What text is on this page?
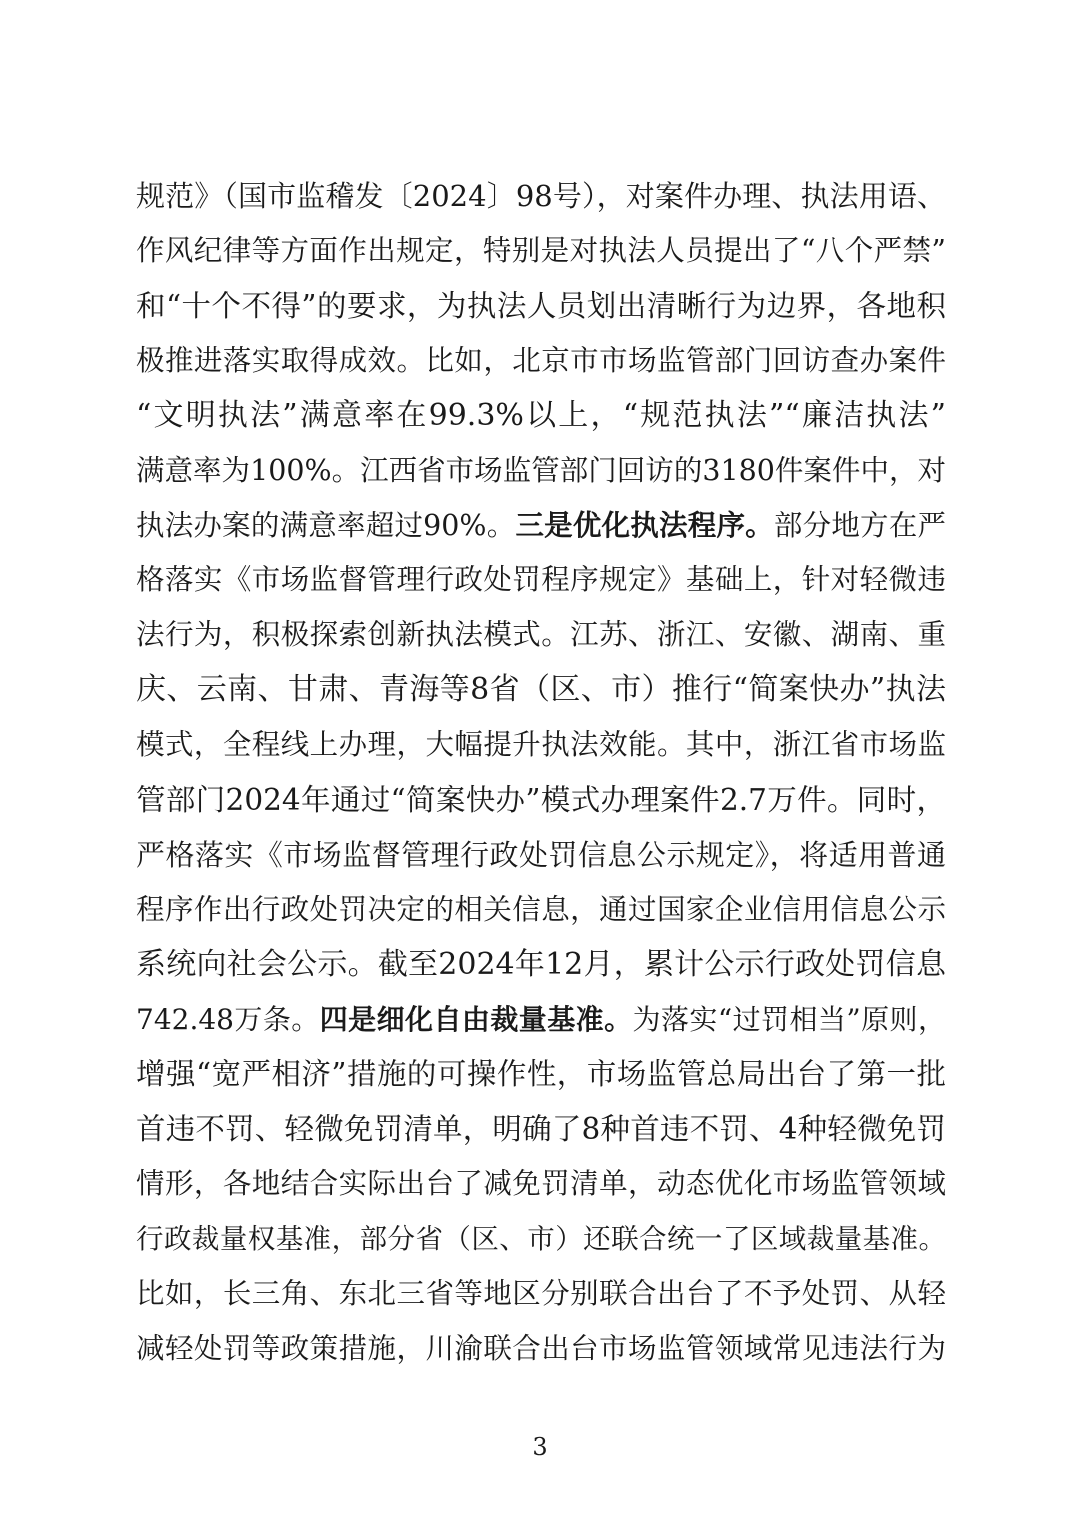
规范》（国市监稽发〔2024〕98号），对案件办理、执法用语、
作风纪律等方面作出规定，特别是对执法人员提出了“八个严禁”
和“十个不得”的要求，为执法人员划出清晰行为边界，各地积
极推进落实取得成效。比如，北京市市场监管部门回访查办案件
“文明执法”满意率在99.3%以上，“规范执法”“廉洁执法”
满意率为100%。江西省市场监管部门回访的3180件案件中，对
执法办案的满意率超过90%。三是优化执法程序。部分地方在严
格落实《市场监督管理行政处罚程序规定》基础上，针对轻微违
法行为，积极探索创新执法模式。江苏、浙江、安徽、湖南、重
庆、云南、甘肃、青海等8省（区、市）推行“简案快办”执法
模式，全程线上办理，大幅提升执法效能。其中，浙江省市场监
管部门2024年通过“简案快办”模式办理案件2.7万件。同时，
严格落实《市场监督管理行政处罚信息公示规定》，将适用普通
程序作出行政处罚决定的相关信息，通过国家企业信用信息公示
系统向社会公示。截至2024年12月，累计公示行政处罚信息
742.48万条。四是细化自由裁量基准。为落实“过罚相当”原则，
增强“宽严相济”措施的可操作性，市场监管总局出台了第一批
首违不罚、轻微免罚清单，明确了8种首违不罚、4种轻微免罚
情形，各地结合实际出台了减免罚清单，动态优化市场监管领域
行政裁量权基准，部分省（区、市）还联合统一了区域裁量基准。
比如，长三角、东北三省等地区分别联合出台了不予处罚、从轻
减轻处罚等政策措施，川渝联合出台市场监管领域常见违法行为
3
